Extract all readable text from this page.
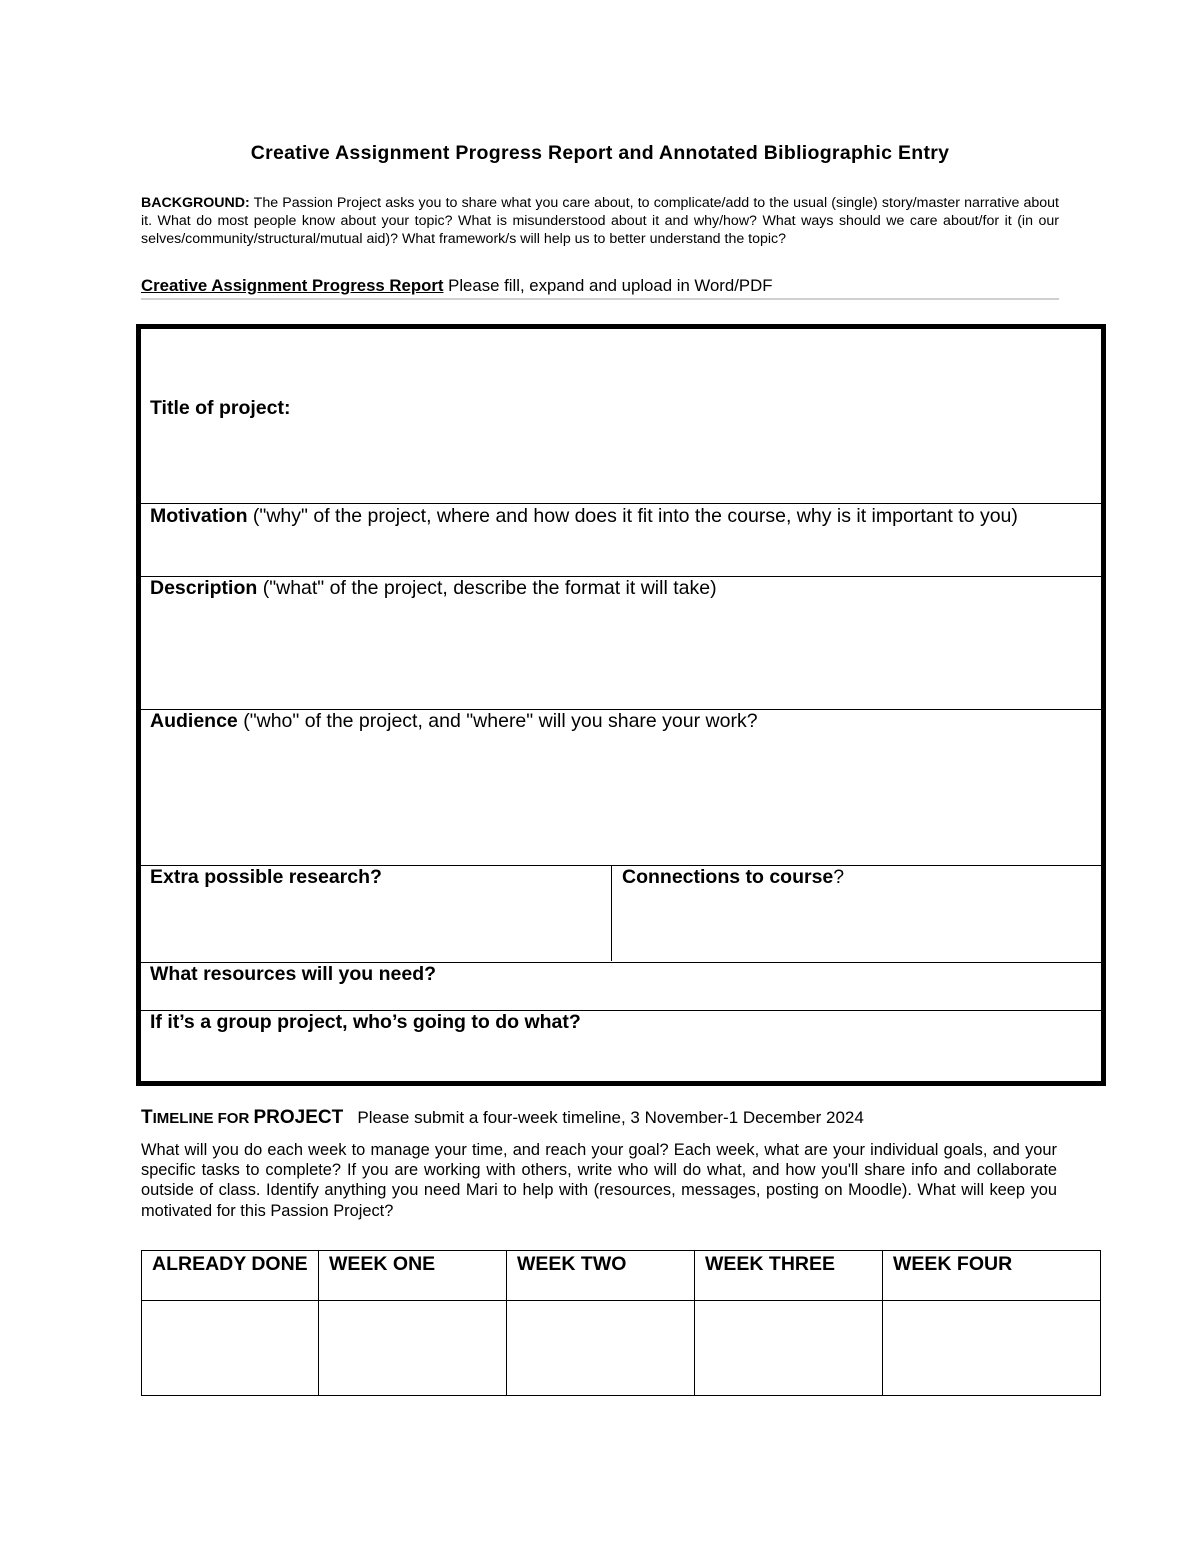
Creative Assignment Progress Report and Annotated Bibliographic Entry
BACKGROUND: The Passion Project asks you to share what you care about, to complicate/add to the usual (single) story/master narrative about it. What do most people know about your topic? What is misunderstood about it and why/how? What ways should we care about/for it (in our selves/community/structural/mutual aid)? What framework/s will help us to better understand the topic?
Creative Assignment Progress Report Please fill, expand and upload in Word/PDF
Title of project:
Motivation ("why" of the project, where and how does it fit into the course, why is it important to you)
Description ("what" of the project, describe the format it will take)
Audience ("who" of the project, and "where" will you share your work?
Extra possible research?	Connections to course?
What resources will you need?
If it’s a group project, who’s going to do what?
TIMELINE FOR PROJECT   Please submit a four-week timeline, 3 November-1 December 2024
What will you do each week to manage your time, and reach your goal? Each week, what are your individual goals, and your specific tasks to complete? If you are working with others, write who will do what, and how you'll share info and collaborate outside of class. Identify anything you need Mari to help with (resources, messages, posting on Moodle). What will keep you motivated for this Passion Project?
ALREADY DONE	WEEK ONE	WEEK TWO	WEEK THREE	WEEK FOUR
